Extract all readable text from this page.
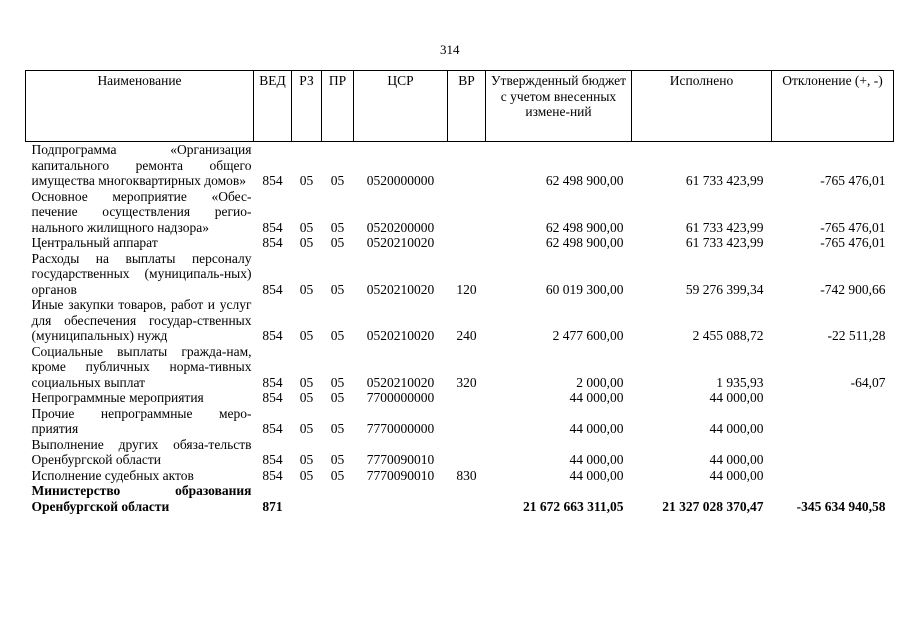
314
Наименование	ВЕД	РЗ	ПР	ЦСР	ВР	Утвержденный бюджет с учетом внесенных измене-ний	Исполнено	Отклонение (+, -)
Подпрограмма «Организация капитального ремонта общего имущества многоквартирных домов»	854	05	05	0520000000		62 498 900,00	61 733 423,99	-765 476,01
Основное мероприятие «Обес-печение осуществления регио-нального жилищного надзора»	854	05	05	0520200000		62 498 900,00	61 733 423,99	-765 476,01
Центральный аппарат	854	05	05	0520210020		62 498 900,00	61 733 423,99	-765 476,01
Расходы на выплаты персоналу государственных (муниципаль-ных) органов	854	05	05	0520210020	120	60 019 300,00	59 276 399,34	-742 900,66
Иные закупки товаров, работ и услуг для обеспечения государ-ственных (муниципальных) нужд	854	05	05	0520210020	240	2 477 600,00	2 455 088,72	-22 511,28
Социальные выплаты гражда-нам, кроме публичных норма-тивных социальных выплат	854	05	05	0520210020	320	2 000,00	1 935,93	-64,07
Непрограммные мероприятия	854	05	05	7700000000		44 000,00	44 000,00	
Прочие непрограммные меро-приятия	854	05	05	7770000000		44 000,00	44 000,00	
Выполнение других обяза-тельств Оренбургской области	854	05	05	7770090010		44 000,00	44 000,00	
Исполнение судебных актов	854	05	05	7770090010	830	44 000,00	44 000,00	
Министерство образования Оренбургской области	871					21 672 663 311,05	21 327 028 370,47	-345 634 940,58
